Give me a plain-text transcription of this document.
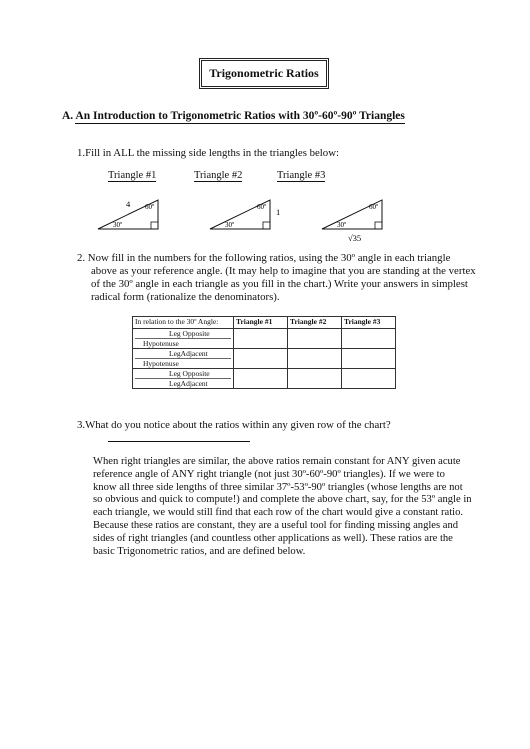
Trigonometric Ratios
A. An Introduction to Trigonometric Ratios with 30º-60º-90º Triangles
1.Fill in ALL the missing side lengths in the triangles below:
Triangle #1	Triangle #2	Triangle #3
60º
30º
4	60º
30º
1	60º
30º
√35
2. Now fill in the numbers for the following ratios, using the 30º angle in each triangle
above as your reference angle. (It may help to imagine that you are standing at the vertex
of the 30º angle in each triangle as you fill in the chart.) Write your answers in simplest
radical form (rationalize the denominators).
In relation to the 30º Angle:	Triangle #1	Triangle #2	Triangle #3

Leg Opposite
Hypotenuse			

LegAdjacent
Hypotenuse			

Leg Opposite
LegAdjacent			

3.What do you notice about the ratios within any given row of the chart?

When right triangles are similar, the above ratios remain constant for ANY given acute

reference angle of ANY right triangle (not just 30º-60º-90º triangles). If we were to

know all three side lengths of three similar 37º-53º-90º triangles (whose lengths are not

so obvious and quick to compute!) and complete the above chart, say, for the 53º angle in

each triangle, we would still find that each row of the chart would give a constant ratio.

Because these ratios are constant, they are a useful tool for finding missing angles and

sides of right triangles (and countless other applications as well). These ratios are the

basic Trigonometric ratios, and are defined below.
